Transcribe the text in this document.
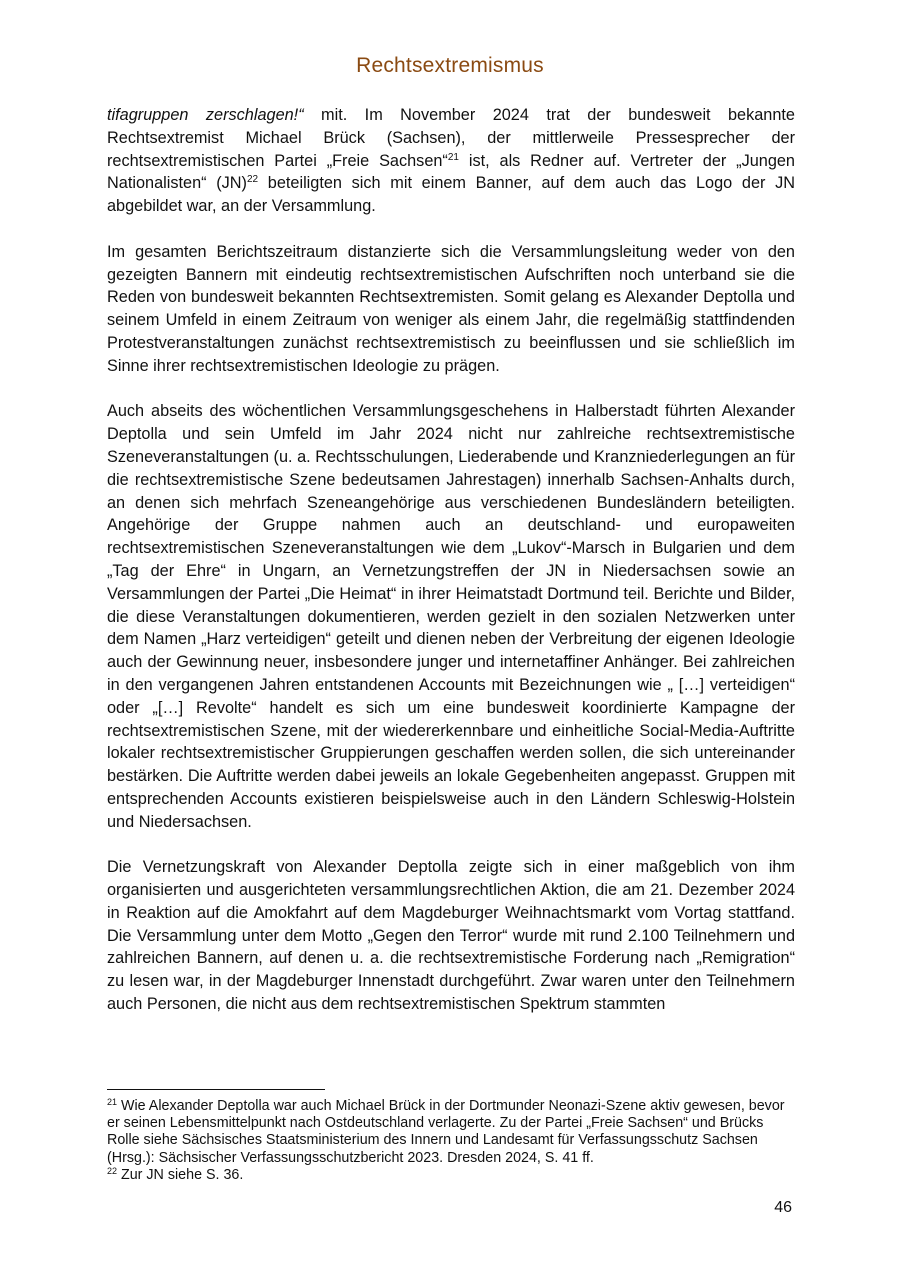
Rechtsextremismus

tifagruppen zerschlagen!“ mit. Im November 2024 trat der bundesweit bekannte Rechtsextremist Michael Brück (Sachsen), der mittlerweile Pressesprecher der rechtsextremistischen Partei „Freie Sachsen“$^{21}$ ist, als Redner auf. Vertreter der „Jungen Nationalisten“ (JN)$^{22}$ beteiligten sich mit einem Banner, auf dem auch das Logo der JN abgebildet war, an der Versammlung.

Im gesamten Berichtszeitraum distanzierte sich die Versammlungsleitung weder von den gezeigten Bannern mit eindeutig rechtsextremistischen Aufschriften noch unterband sie die Reden von bundesweit bekannten Rechtsextremisten. Somit gelang es Alexander Deptolla und seinem Umfeld in einem Zeitraum von weniger als einem Jahr, die regelmäßig stattfindenden Protestveranstaltungen zunächst rechtsextremistisch zu beeinflussen und sie schließlich im Sinne ihrer rechtsextremistischen Ideologie zu prägen.

Auch abseits des wöchentlichen Versammlungsgeschehens in Halberstadt führten Alexander Deptolla und sein Umfeld im Jahr 2024 nicht nur zahlreiche rechtsextremistische Szeneveranstaltungen (u. a. Rechtsschulungen, Liederabende und Kranzniederlegungen an für die rechtsextremistische Szene bedeutsamen Jahrestagen) innerhalb Sachsen-Anhalts durch, an denen sich mehrfach Szeneangehörige aus verschiedenen Bundesländern beteiligten. Angehörige der Gruppe nahmen auch an deutschland- und europaweiten rechtsextremistischen Szeneveranstaltungen wie dem „Lukov“-Marsch in Bulgarien und dem „Tag der Ehre“ in Ungarn, an Vernetzungstreffen der JN in Niedersachsen sowie an Versammlungen der Partei „Die Heimat“ in ihrer Heimatstadt Dortmund teil. Berichte und Bilder, die diese Veranstaltungen dokumentieren, werden gezielt in den sozialen Netzwerken unter dem Namen „Harz verteidigen“ geteilt und dienen neben der Verbreitung der eigenen Ideologie auch der Gewinnung neuer, insbesondere junger und internetaffiner Anhänger. Bei zahlreichen in den vergangenen Jahren entstandenen Accounts mit Bezeichnungen wie „ […] verteidigen“ oder „[…] Revolte“ handelt es sich um eine bundesweit koordinierte Kampagne der rechtsextremistischen Szene, mit der wiedererkennbare und einheitliche Social-Media-Auftritte lokaler rechtsextremistischer Gruppierungen geschaffen werden sollen, die sich untereinander bestärken. Die Auftritte werden dabei jeweils an lokale Gegebenheiten angepasst. Gruppen mit entsprechenden Accounts existieren beispielsweise auch in den Ländern Schleswig-Holstein und Niedersachsen.

Die Vernetzungskraft von Alexander Deptolla zeigte sich in einer maßgeblich von ihm organisierten und ausgerichteten versammlungsrechtlichen Aktion, die am 21. Dezember 2024 in Reaktion auf die Amokfahrt auf dem Magdeburger Weihnachtsmarkt vom Vortag stattfand. Die Versammlung unter dem Motto „Gegen den Terror“ wurde mit rund 2.100 Teilnehmern und zahlreichen Bannern, auf denen u. a. die rechtsextremistische Forderung nach „Remigration“ zu lesen war, in der Magdeburger Innenstadt durchgeführt. Zwar waren unter den Teilnehmern auch Personen, die nicht aus dem rechtsextremistischen Spektrum stammten

$^{21}$ Wie Alexander Deptolla war auch Michael Brück in der Dortmunder Neonazi-Szene aktiv gewesen, bevor er seinen Lebensmittelpunkt nach Ostdeutschland verlagerte. Zu der Partei „Freie Sachsen“ und Brücks Rolle siehe Sächsisches Staatsministerium des Innern und Landesamt für Verfassungsschutz Sachsen (Hrsg.): Sächsischer Verfassungsschutzbericht 2023. Dresden 2024, S. 41 ff.

$^{22}$ Zur JN siehe S. 36.

46
